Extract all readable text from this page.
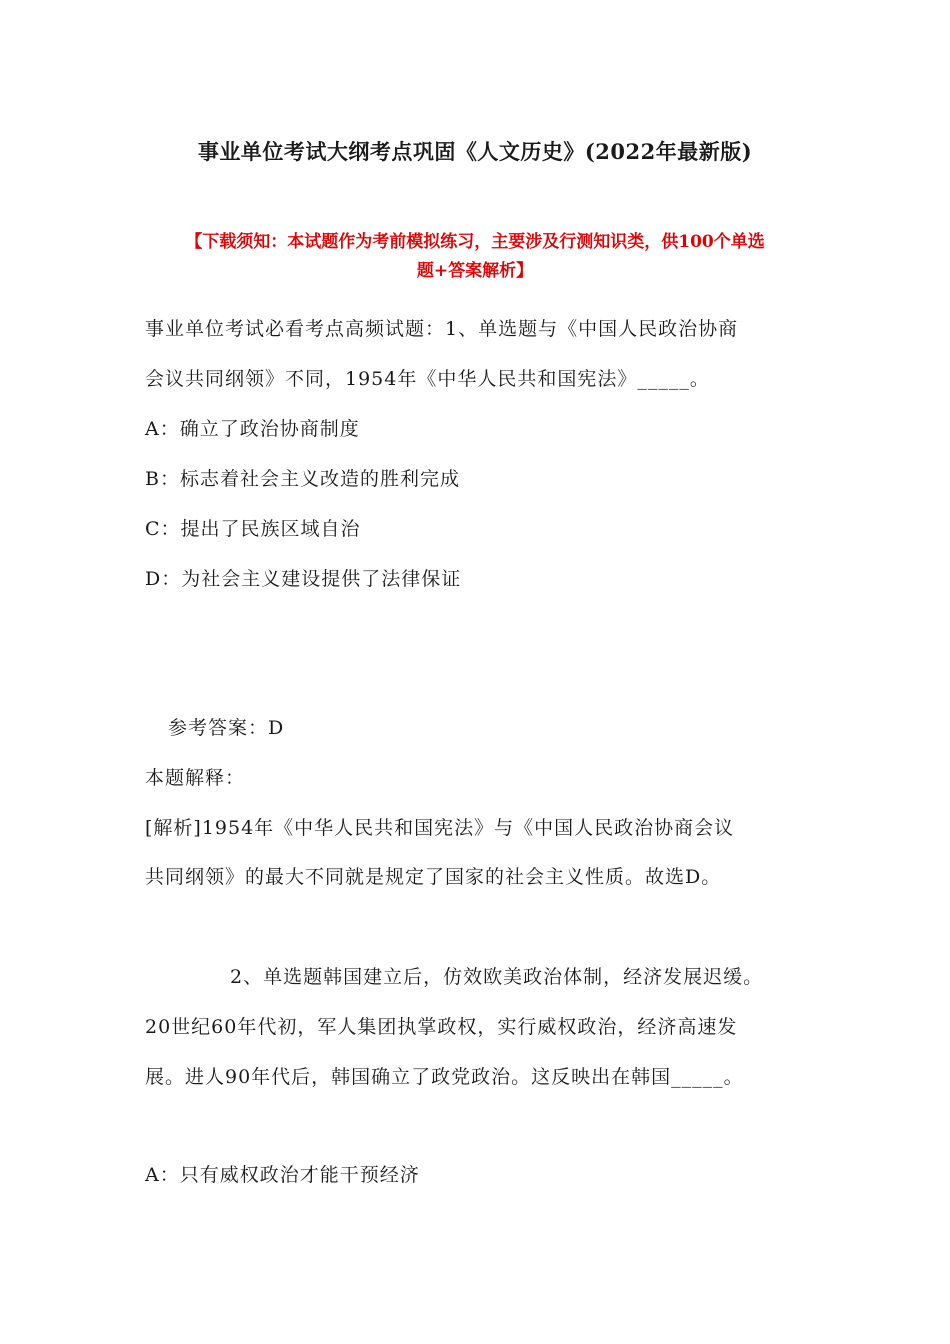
事业单位考试大纲考点巩固《人文历史》(2022年最新版)
【下载须知：本试题作为考前模拟练习，主要涉及行测知识类，供100个单选
题+答案解析】
事业单位考试必看考点高频试题：1、单选题与《中国人民政治协商
会议共同纲领》不同，1954年《中华人民共和国宪法》_____。
A：确立了政治协商制度
B：标志着社会主义改造的胜利完成
C：提出了民族区域自治
D：为社会主义建设提供了法律保证
参考答案：D
本题解释：
[解析]1954年《中华人民共和国宪法》与《中国人民政治协商会议
共同纲领》的最大不同就是规定了国家的社会主义性质。故选D。
2、单选题韩国建立后，仿效欧美政治体制，经济发展迟缓。
20世纪60年代初，军人集团执掌政权，实行威权政治，经济高速发
展。进人90年代后，韩国确立了政党政治。这反映出在韩国_____。
A：只有威权政治才能干预经济
